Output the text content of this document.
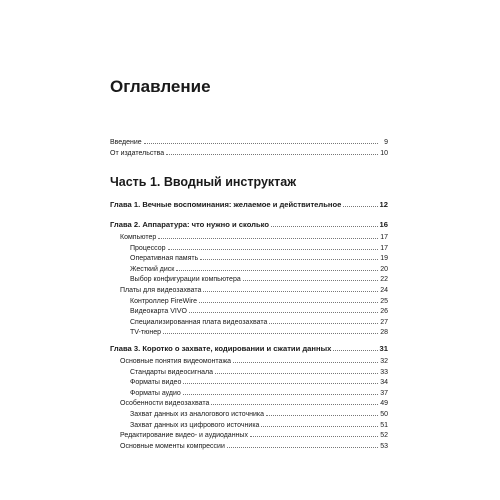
Оглавление
Введение	9
От издательства	10
Часть 1. Вводный инструктаж
Глава 1. Вечные воспоминания: желаемое и действительное	12
Глава 2. Аппаратура: что нужно и сколько	16
Компьютер	17
Процессор	17
Оперативная память	19
Жесткий диск	20
Выбор конфигурации компьютера	22
Платы для видеозахвата	24
Контроллер FireWire	25
Видеокарта VIVO	26
Специализированная плата видеозахвата	27
TV-тюнер	28
Глава 3. Коротко о захвате, кодировании и сжатии данных	31
Основные понятия видеомонтажа	32
Стандарты видеосигнала	33
Форматы видео	34
Форматы аудио	37
Особенности видеозахвата	49
Захват данных из аналогового источника	50
Захват данных из цифрового источника	51
Редактирование видео- и аудиоданных	52
Основные моменты компрессии	53
